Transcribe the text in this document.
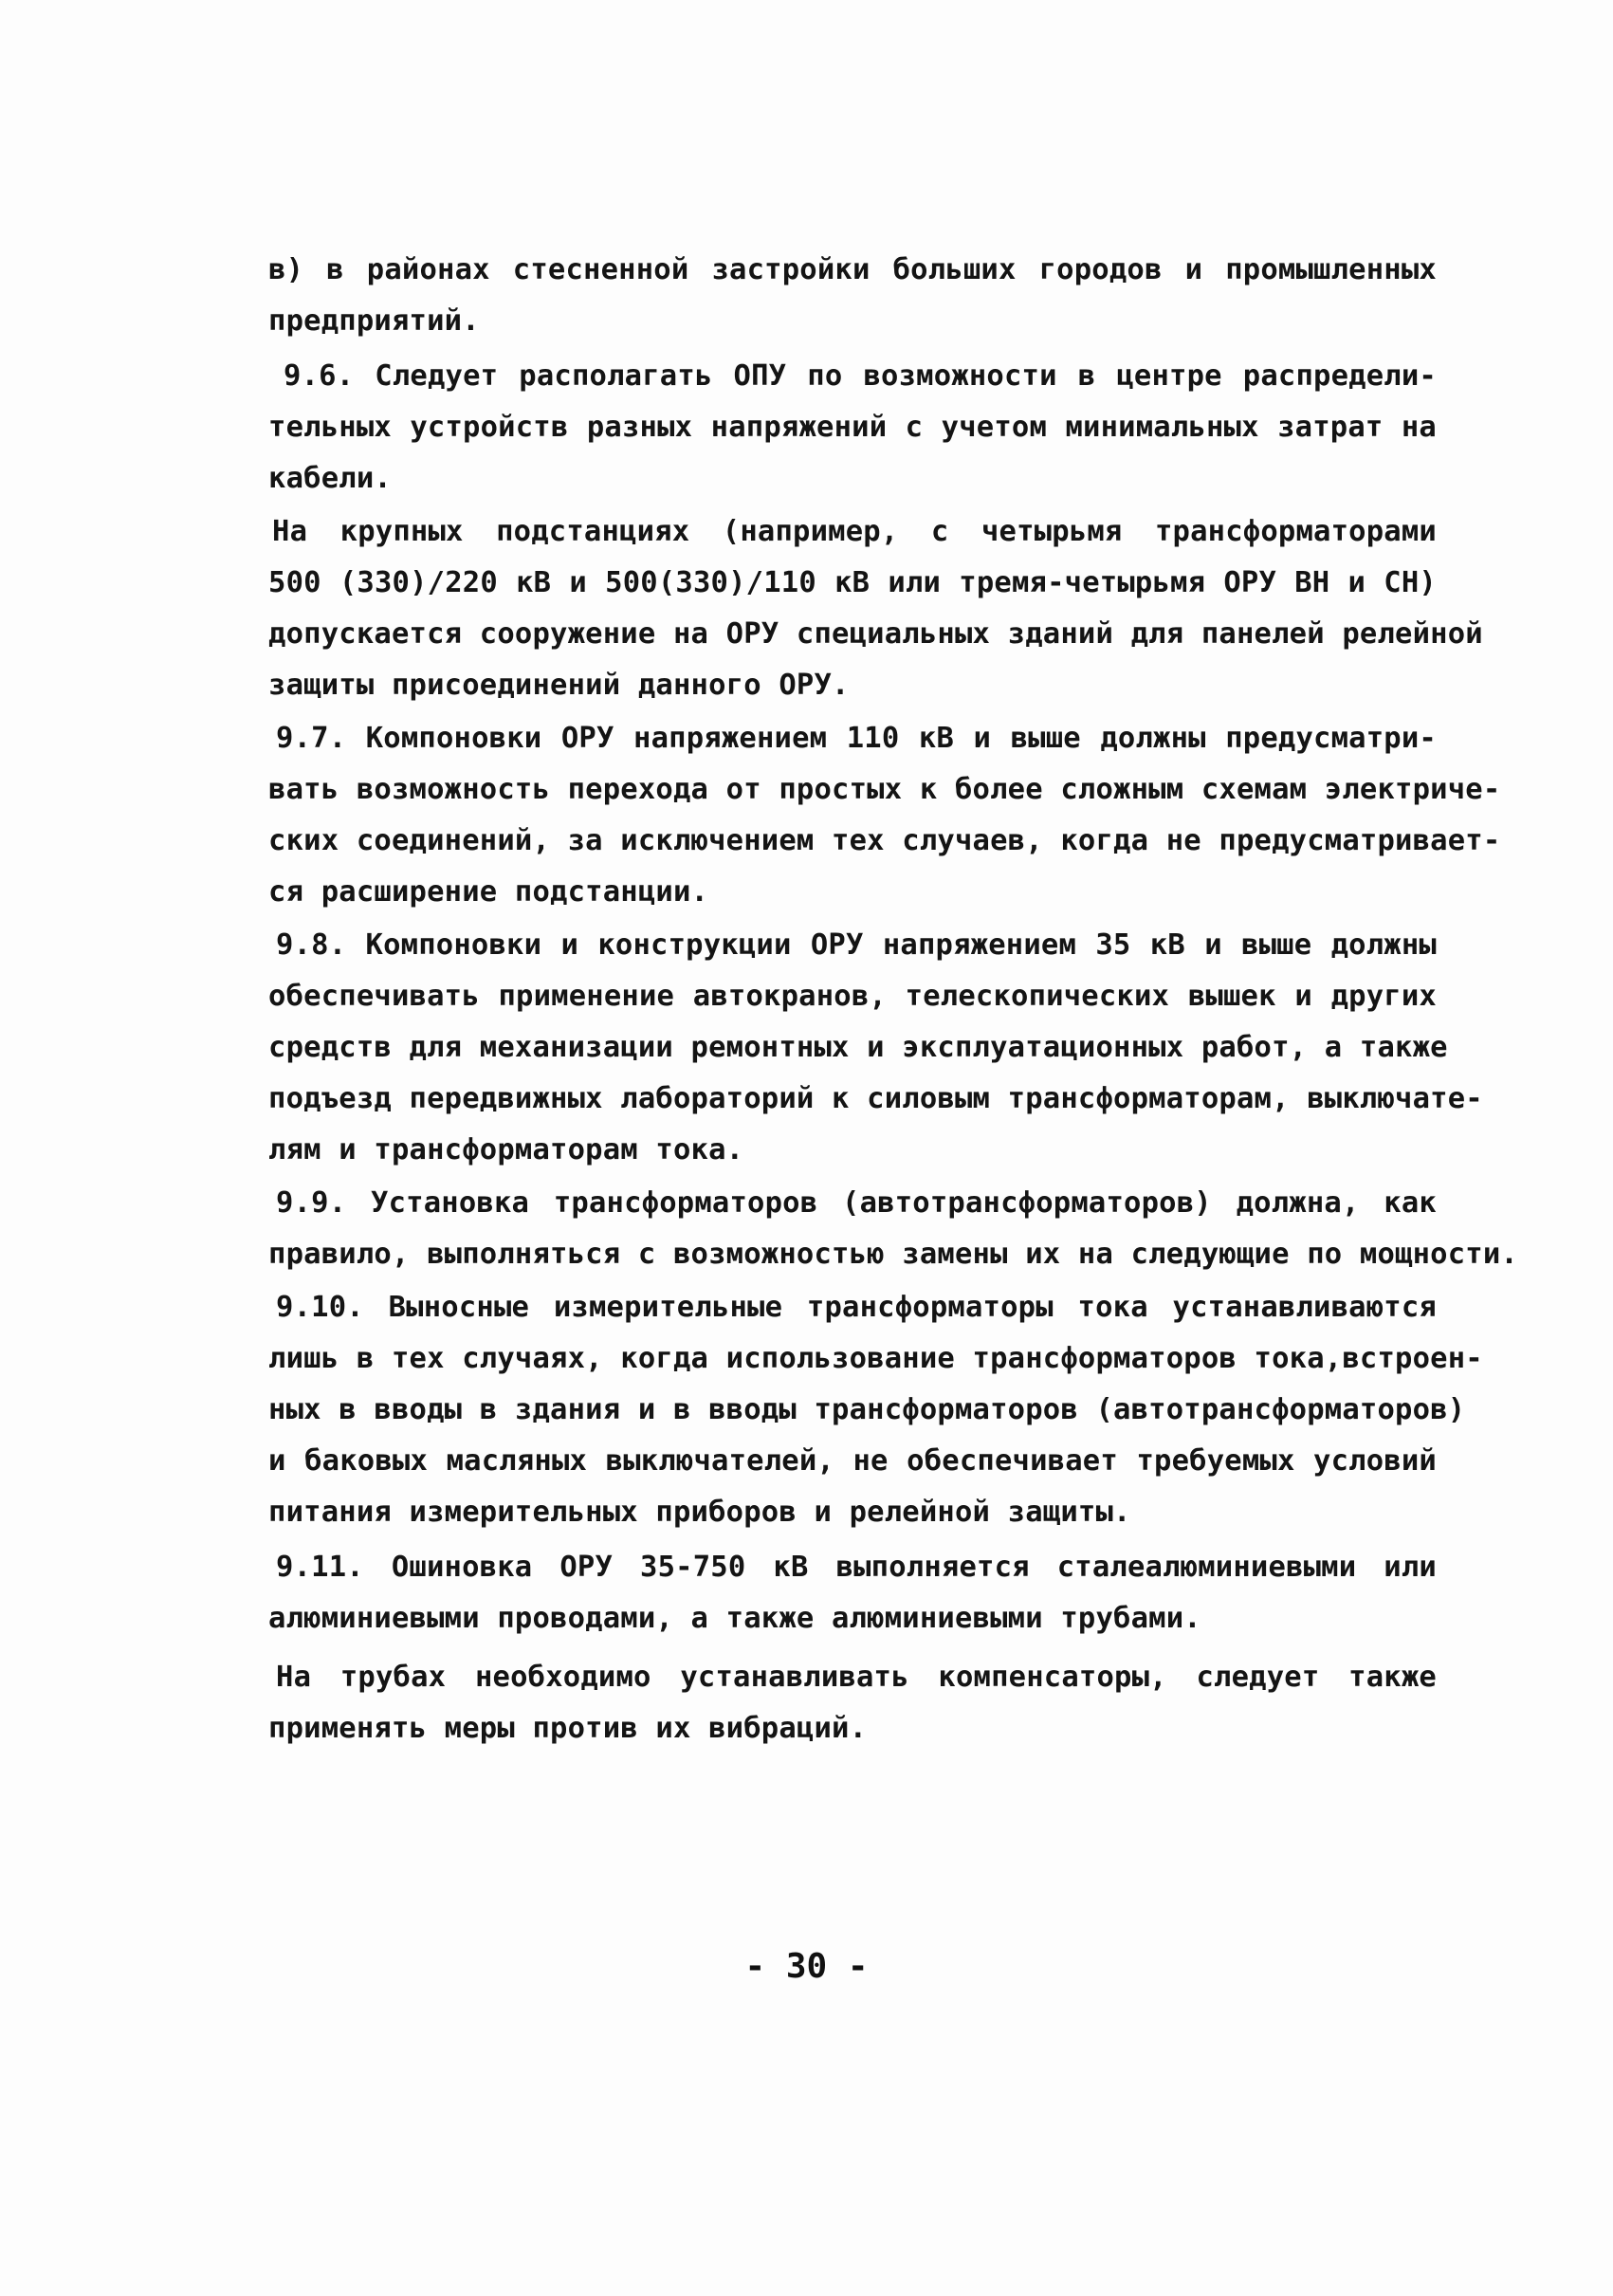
в) в районах стесненной застройки больших городов и промышленных
предприятий.
9.6. Следует располагать ОПУ по возможности в центре распредели-
тельных устройств разных напряжений с учетом минимальных затрат на
кабели.
На крупных подстанциях (например, с четырьмя трансформаторами
500 (330)/220 кВ и 500(330)/110 кВ или тремя-четырьмя ОРУ ВН и СН)
допускается сооружение на ОРУ специальных зданий для панелей релейной
защиты присоединений данного ОРУ.
9.7. Компоновки ОРУ напряжением 110 кВ и выше должны предусматри-
вать возможность перехода от простых к более сложным схемам электриче-
ских соединений, за исключением тех случаев, когда не предусматривает-
ся расширение подстанции.
9.8. Компоновки и конструкции ОРУ напряжением 35 кВ и выше должны
обеспечивать применение автокранов, телескопических вышек и других
средств для механизации ремонтных и эксплуатационных работ, а также
подъезд передвижных лабораторий к силовым трансформаторам, выключате-
лям и трансформаторам тока.
9.9. Установка трансформаторов (автотрансформаторов) должна, как
правило, выполняться с возможностью замены их на следующие по мощности.
9.10. Выносные измерительные трансформаторы тока устанавливаются
лишь в тех случаях, когда использование трансформаторов тока,встроен-
ных в вводы в здания и в вводы трансформаторов (автотрансформаторов)
и баковых масляных выключателей, не обеспечивает требуемых условий
питания измерительных приборов и релейной защиты.
9.11. Ошиновка ОРУ 35-750 кВ выполняется сталеалюминиевыми или
алюминиевыми проводами, а также алюминиевыми трубами.
На трубах необходимо устанавливать компенсаторы, следует также
применять меры против их вибраций.
- 30 -
